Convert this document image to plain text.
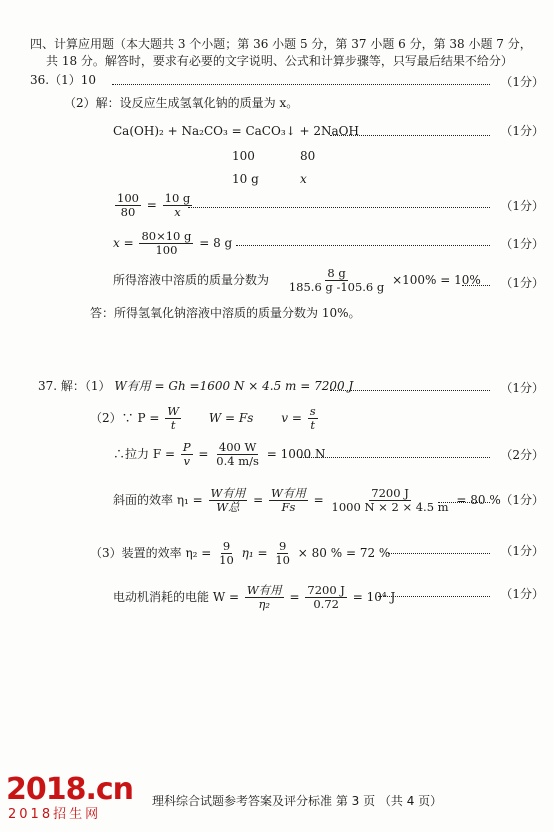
四、计算应用题（本大题共 3 个小题；第 36 小题 5 分，第 37 小题 6 分，第 38 小题 7 分，
共 18 分。解答时，要求有必要的文字说明、公式和计算步骤等，只写最后结果不给分）
36.（1）10	（1分）
（2）解：设反应生成氢氧化钠的质量为 x。
Ca(OH)₂ + Na₂CO₃ = CaCO₃↓ + 2NaOH	（1分）
100	80
10 g	x
$\frac{100}{80} = \frac{10 g}{x}$	（1分）
$x = \frac{80\times 10 g}{100} = 8$ g	（1分）
所得溶液中溶质的质量分数为 $\frac{8 g}{185.6 g -105.6 g} \times 100\% = 10\%$ （1分）
答：所得氢氧化钠溶液中溶质的质量分数为 10%。
37. 解：（1） W有用 = Gh =1600 N × 4.5 m = 7200 J	（1分）
（2）∵ $P = \frac{W}{t}$ W = Fs $v = \frac{s}{t}$
∴拉力 $F = \frac{P}{v} = \frac{400 W}{0.4 m/s} = 1000$ N	（2分）
斜面的效率 $\eta_1 = \frac{\text{W有用}}{\text{W总}} = \frac{\text{W有用}}{Fs} = \frac{7200 J}{1000 N \times 2 \times 4.5 m} = 80$ % （1分）
（3）装置的效率 $\eta_2 = \frac{9}{10} \eta_1 = \frac{9}{10} \times 80$ % = 72 %	（1分）
电动机消耗的电能 $W = \frac{\text{W有用}}{\text{η₂}} = \frac{7200 J}{0.72} = 10^4$ J	（1分）
理科综合试题参考答案及评分标准 第 3 页 （共 4 页）
2018.cn
2018招生网
